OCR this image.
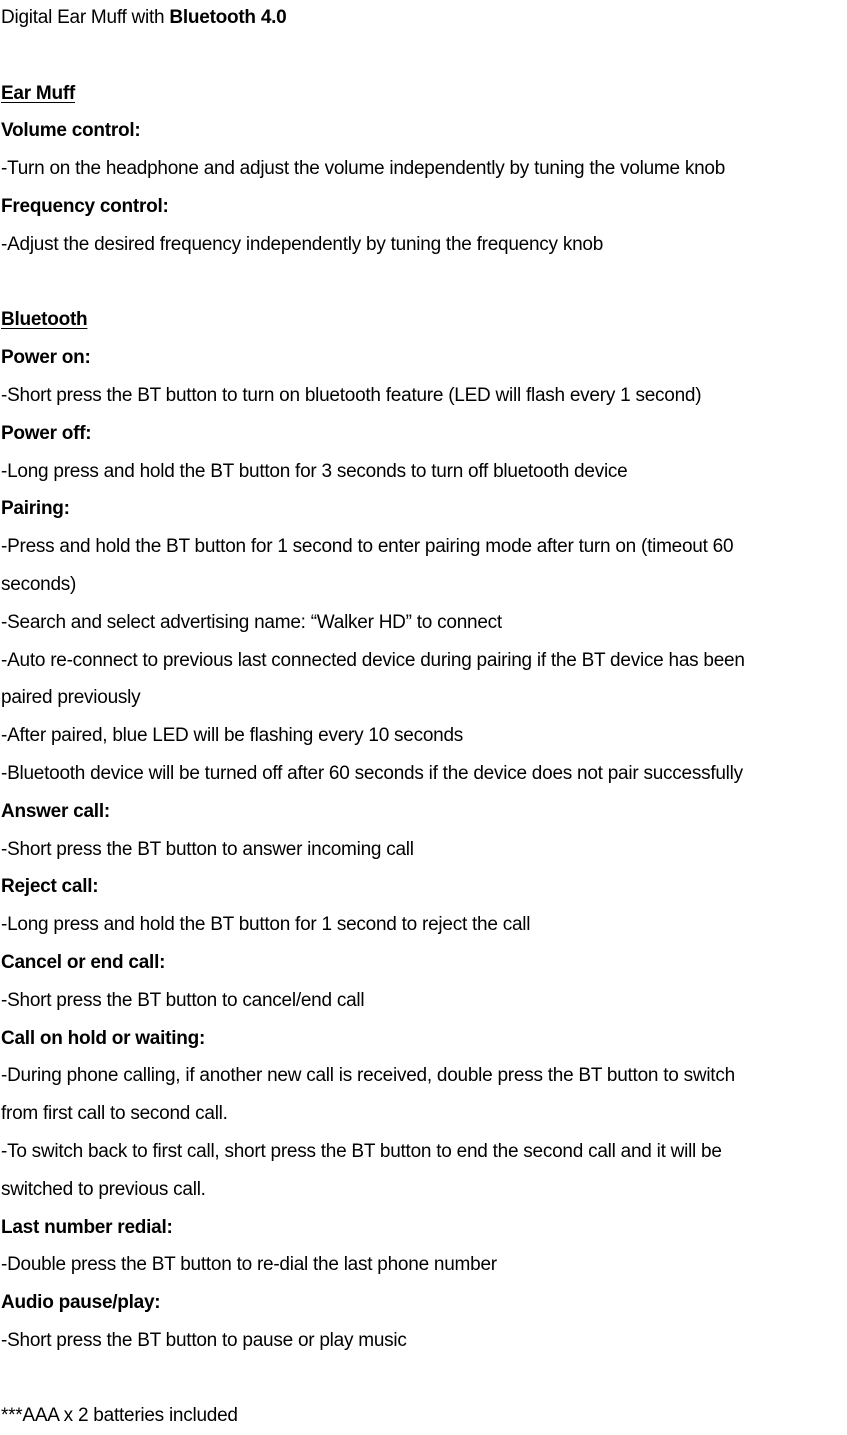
Digital Ear Muff with Bluetooth 4.0
Ear Muff
Volume control:
-Turn on the headphone and adjust the volume independently by tuning the volume knob
Frequency control:
-Adjust the desired frequency independently by tuning the frequency knob
Bluetooth
Power on:
-Short press the BT button to turn on bluetooth feature (LED will flash every 1 second)
Power off:
-Long press and hold the BT button for 3 seconds to turn off bluetooth device
Pairing:
-Press and hold the BT button for 1 second to enter pairing mode after turn on (timeout 60
seconds)
-Search and select advertising name: “Walker HD” to connect
-Auto re-connect to previous last connected device during pairing if the BT device has been
paired previously
-After paired, blue LED will be flashing every 10 seconds
-Bluetooth device will be turned off after 60 seconds if the device does not pair successfully
Answer call:
-Short press the BT button to answer incoming call
Reject call:
-Long press and hold the BT button for 1 second to reject the call
Cancel or end call:
-Short press the BT button to cancel/end call
Call on hold or waiting:
-During phone calling, if another new call is received, double press the BT button to switch
from first call to second call.
-To switch back to first call, short press the BT button to end the second call and it will be
switched to previous call.
Last number redial:
-Double press the BT button to re-dial the last phone number
Audio pause/play:
-Short press the BT button to pause or play music
***AAA x 2 batteries included
